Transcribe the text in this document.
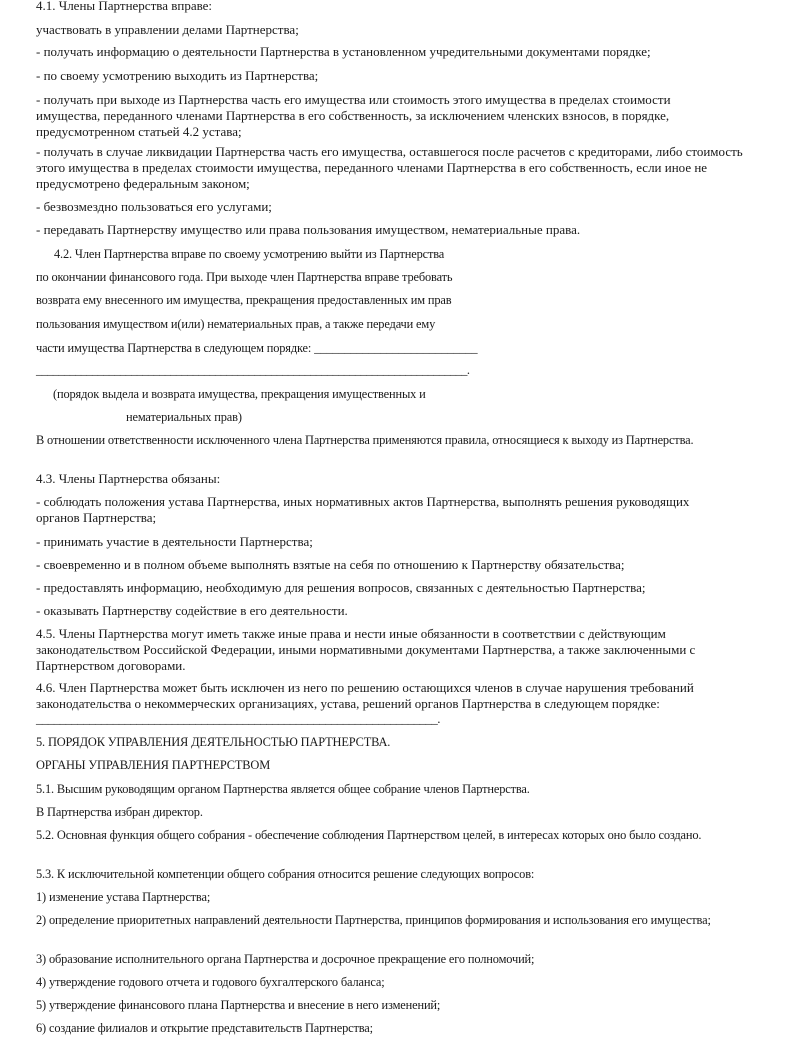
4.1. Члены Партнерства вправе:
участвовать в управлении делами Партнерства;
- получать информацию о деятельности Партнерства в установленном учредительными документами порядке;
- по своему усмотрению выходить из Партнерства;
- получать при выходе из Партнерства часть его имущества или стоимость этого имущества в пределах стоимости имущества, переданного членами Партнерства в его собственность, за исключением членских взносов, в порядке, предусмотренном статьей 4.2 устава;
- получать в случае ликвидации Партнерства часть его имущества, оставшегося после расчетов с кредиторами, либо стоимость этого имущества в пределах стоимости имущества, переданного членами Партнерства в его собственность, если иное не предусмотрено федеральным законом;
- безвозмездно пользоваться его услугами;
- передавать Партнерству имущество или права пользования имуществом, нематериальные права.
4.2. Член Партнерства вправе по своему усмотрению выйти из Партнерства
по окончании финансового года. При выходе член Партнерства вправе требовать
возврата ему внесенного им имущества, прекращения предоставленных им прав
пользования имуществом и(или) нематериальных прав, а также передачи ему
части имущества Партнерства в следующем порядке: ___________________________
_____________________________________________________________________________.
(порядок выдела и возврата имущества, прекращения имущественных и
нематериальных прав)
В отношении ответственности исключенного члена Партнерства применяются правила, относящиеся к выходу из Партнерства.
4.3. Члены Партнерства обязаны:
- соблюдать положения устава Партнерства, иных нормативных актов Партнерства, выполнять решения руководящих органов Партнерства;
- принимать участие в деятельности Партнерства;
- своевременно и в полном объеме выполнять взятые на себя по отношению к Партнерству обязательства;
- предоставлять информацию, необходимую для решения вопросов, связанных с деятельностью Партнерства;
- оказывать Партнерству содействие в его деятельности.
4.5. Члены Партнерства могут иметь также иные права и нести иные обязанности в соответствии с действующим законодательством Российской Федерации, иными нормативными документами Партнерства, а также заключенными с Партнерством договорами.
4.6. Член Партнерства может быть исключен из него по решению остающихся членов в случае нарушения требований законодательства о некоммерческих организациях, устава, решений органов Партнерства в следующем порядке:
____________________________________________________________________.
5. ПОРЯДОК УПРАВЛЕНИЯ ДЕЯТЕЛЬНОСТЬЮ ПАРТНЕРСТВА.
ОРГАНЫ УПРАВЛЕНИЯ ПАРТНЕРСТВОМ
5.1. Высшим руководящим органом Партнерства является общее собрание членов Партнерства.
В Партнерства избран директор.
5.2. Основная функция общего собрания - обеспечение соблюдения Партнерством целей, в интересах которых оно было создано.
5.3. К исключительной компетенции общего собрания относится решение следующих вопросов:
1) изменение устава Партнерства;
2) определение приоритетных направлений деятельности Партнерства, принципов формирования и использования его имущества;
3) образование исполнительного органа Партнерства и досрочное прекращение его полномочий;
4) утверждение годового отчета и годового бухгалтерского баланса;
5) утверждение финансового плана Партнерства и внесение в него изменений;
6) создание филиалов и открытие представительств Партнерства;
